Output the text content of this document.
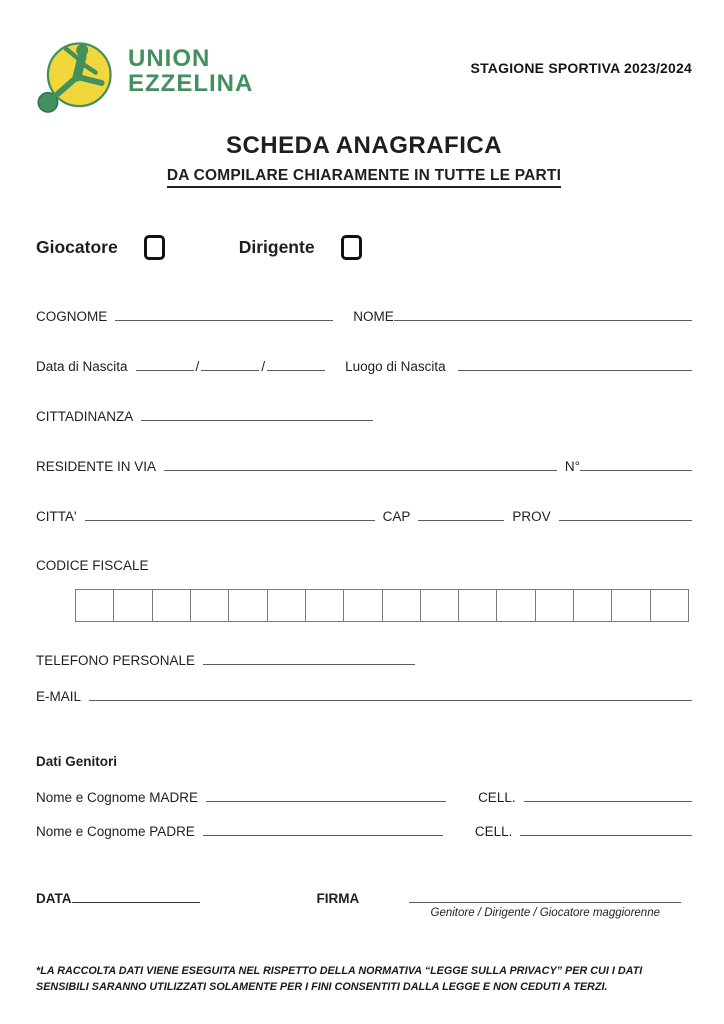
UNION
EZZELINA
STAGIONE SPORTIVA 2023/2024
SCHEDA ANAGRAFICA
DA COMPILARE CHIARAMENTE IN TUTTE LE PARTI
Giocatore	Dirigente
COGNOME	NOME
Data di Nascita	/	/	Luogo di Nascita
CITTADINANZA
RESIDENTE IN VIA	N°
CITTA'	CAP	PROV
CODICE FISCALE
TELEFONO PERSONALE
E-MAIL
Dati Genitori
Nome e Cognome MADRE	CELL.
Nome e Cognome PADRE	CELL.
DATA	FIRMA
Genitore / Dirigente / Giocatore maggiorenne
*LA RACCOLTA DATI VIENE ESEGUITA NEL RISPETTO DELLA NORMATIVA “LEGGE SULLA PRIVACY” PER CUI I DATI SENSIBILI SARANNO UTILIZZATI SOLAMENTE PER I FINI CONSENTITI DALLA LEGGE E NON CEDUTI A TERZI.
